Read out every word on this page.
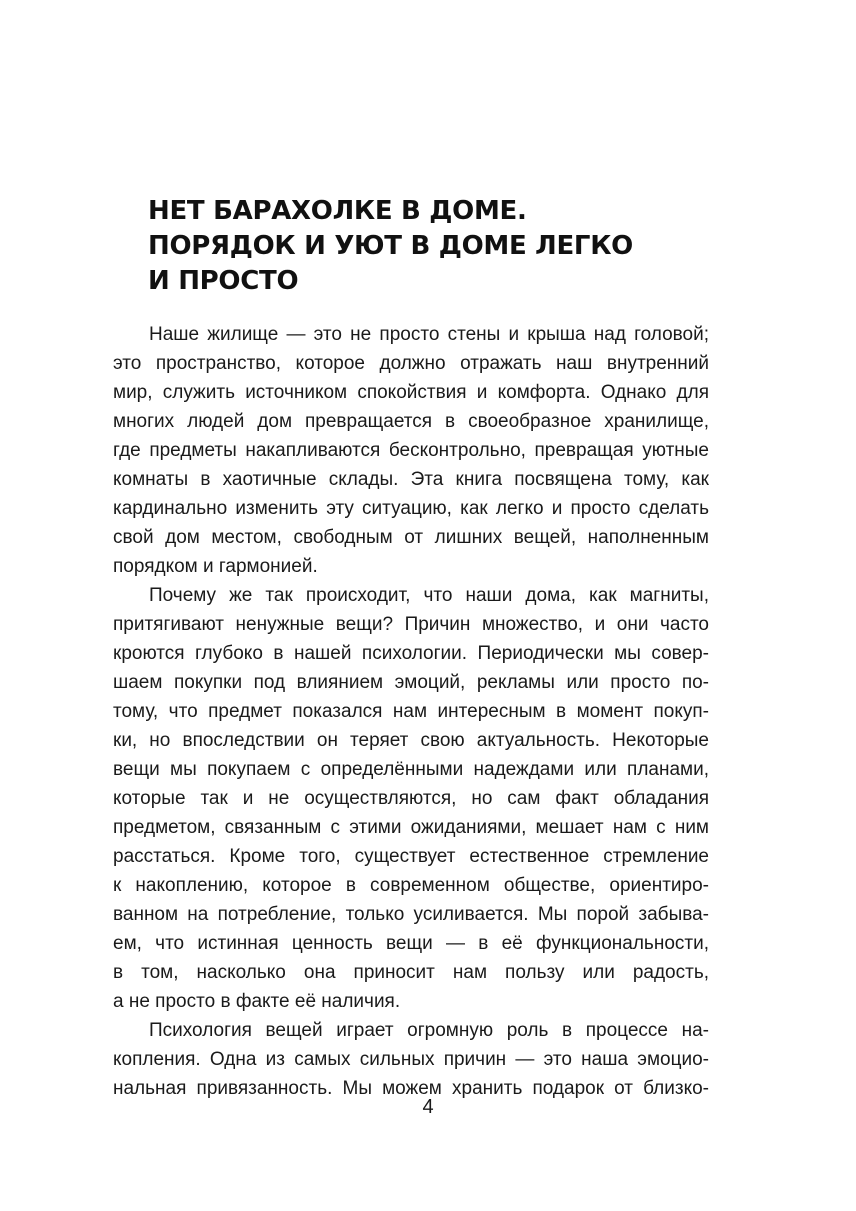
НЕТ БАРАХОЛКЕ В ДОМЕ.
ПОРЯДОК И УЮТ В ДОМЕ ЛЕГКО
И ПРОСТО

Наше жилище — это не просто стены и крыша над головой;
это пространство, которое должно отражать наш внутренний
мир, служить источником спокойствия и комфорта. Однако для
многих людей дом превращается в своеобразное хранилище,
где предметы накапливаются бесконтрольно, превращая уютные
комнаты в хаотичные склады. Эта книга посвящена тому, как
кардинально изменить эту ситуацию, как легко и просто сделать
свой дом местом, свободным от лишних вещей, наполненным
порядком и гармонией.

Почему же так происходит, что наши дома, как магниты,
притягивают ненужные вещи? Причин множество, и они часто
кроются глубоко в нашей психологии. Периодически мы совер-
шаем покупки под влиянием эмоций, рекламы или просто по-
тому, что предмет показался нам интересным в момент покуп-
ки, но впоследствии он теряет свою актуальность. Некоторые
вещи мы покупаем с определёнными надеждами или планами,
которые так и не осуществляются, но сам факт обладания
предметом, связанным с этими ожиданиями, мешает нам с ним
расстаться. Кроме того, существует естественное стремление
к накоплению, которое в современном обществе, ориентиро-
ванном на потребление, только усиливается. Мы порой забыва-
ем, что истинная ценность вещи — в её функциональности,
в том, насколько она приносит нам пользу или радость,
а не просто в факте её наличия.

Психология вещей играет огромную роль в процессе на-
копления. Одна из самых сильных причин — это наша эмоцио-
нальная привязанность. Мы можем хранить подарок от близко-

4
